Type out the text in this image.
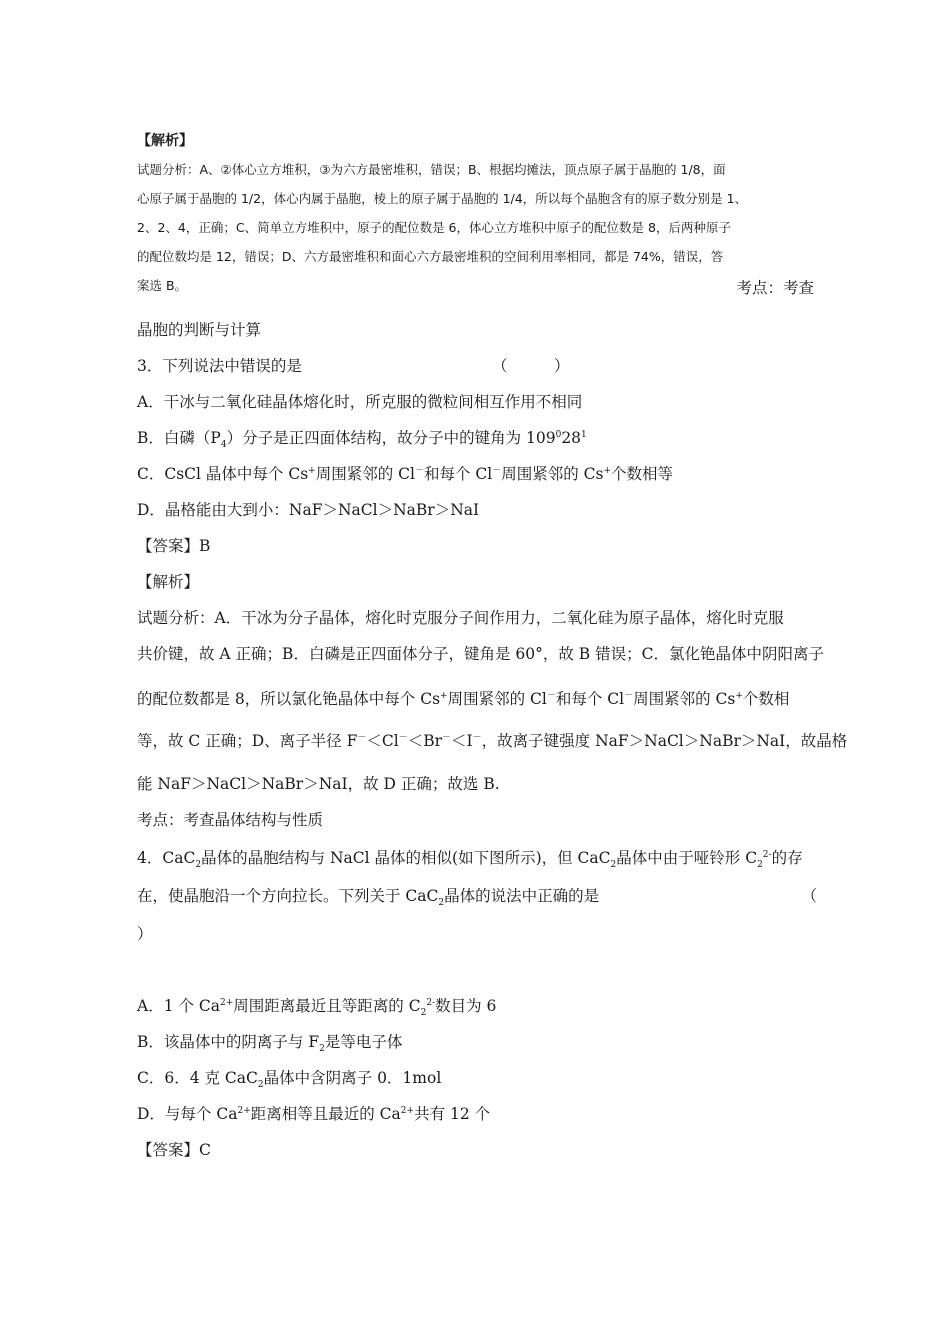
【解析】
试题分析：A、②体心立方堆积，③为六方最密堆积，错误；B、根据均摊法，顶点原子属于晶胞的 1/8，面
心原子属于晶胞的 1/2，体心内属于晶胞，棱上的原子属于晶胞的 1/4，所以每个晶胞含有的原子数分别是 1、
2、2、4，正确；C、简单立方堆积中，原子的配位数是 6，体心立方堆积中原子的配位数是 8，后两种原子
的配位数均是 12，错误；D、六方最密堆积和面心六方最密堆积的空间利用率相同，都是 74%，错误，答
案选 B。	考点：考查
晶胞的判断与计算
3．下列说法中错误的是	（　　　）
A．干冰与二氧化硅晶体熔化时，所克服的微粒间相互作用不相同
B．白磷$(P_4)$分子是正四面体结构，故分子中的键角为 $109^028^1$
C．CsCl 晶体中每个 Cs+周围紧邻的 Cl－和每个 Cl－周围紧邻的 Cs+个数相等
D．晶格能由大到小：NaF＞NaCl＞NaBr＞NaI
【答案】B
【解析】
试题分析：A．干冰为分子晶体，熔化时克服分子间作用力，二氧化硅为原子晶体，熔化时克服
共价键，故 A 正确；B．白磷是正四面体分子，键角是 60°，故 B 错误；C．氯化铯晶体中阴阳离子
的配位数都是 8，所以氯化铯晶体中每个 Cs+周围紧邻的 Cl－和每个 Cl－周围紧邻的 Cs+个数相
等，故 C 正确；D、离子半径 F－＜Cl－＜Br－＜I－，故离子键强度 NaF＞NaCl＞NaBr＞NaI，故晶格
能 NaF＞NaCl＞NaBr＞NaI，故 D 正确；故选 B.
考点：考查晶体结构与性质
4．CaC$_2$晶体的晶胞结构与 NaCl 晶体的相似(如下图所示)，但 CaC$_2$晶体中由于哑铃形 $C_2^{2-}$的存
在，使晶胞沿一个方向拉长。下列关于 CaC$_2$晶体的说法中正确的是	（
）
A．1 个 $Ca^{2+}$周围距离最近且等距离的 $C_2^{2-}$数目为 6
B．该晶体中的阴离子与 $F_2$是等电子体
C．6．4 克 CaC$_2$晶体中含阴离子 0．1mol
D．与每个 $Ca^{2+}$距离相等且最近的 $Ca^{2+}$共有 12 个
【答案】C
